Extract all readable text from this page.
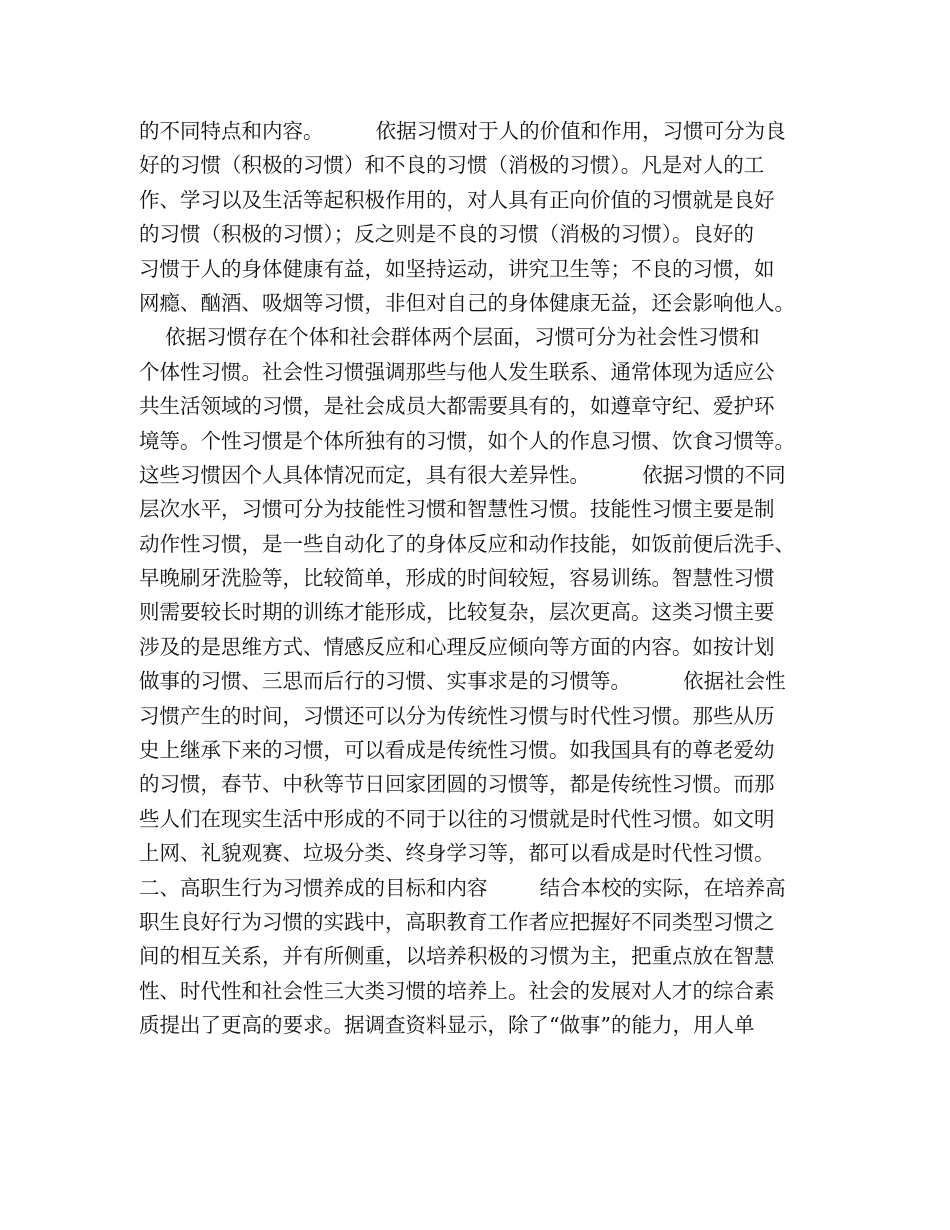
的不同特点和内容。        依据习惯对于人的价值和作用，习惯可分为良
好的习惯（积极的习惯）和不良的习惯（消极的习惯）。凡是对人的工
作、学习以及生活等起积极作用的，对人具有正向价值的习惯就是良好
的习惯（积极的习惯）；反之则是不良的习惯（消极的习惯）。良好的
习惯于人的身体健康有益，如坚持运动，讲究卫生等；不良的习惯，如
网瘾、酗酒、吸烟等习惯，非但对自己的身体健康无益，还会影响他人。
依据习惯存在个体和社会群体两个层面，习惯可分为社会性习惯和
个体性习惯。社会性习惯强调那些与他人发生联系、通常体现为适应公
共生活领域的习惯，是社会成员大都需要具有的，如遵章守纪、爱护环
境等。个性习惯是个体所独有的习惯，如个人的作息习惯、饮食习惯等。
这些习惯因个人具体情况而定，具有很大差异性。        依据习惯的不同
层次水平，习惯可分为技能性习惯和智慧性习惯。技能性习惯主要是制
动作性习惯，是一些自动化了的身体反应和动作技能，如饭前便后洗手、
早晚刷牙洗脸等，比较简单，形成的时间较短，容易训练。智慧性习惯
则需要较长时期的训练才能形成，比较复杂，层次更高。这类习惯主要
涉及的是思维方式、情感反应和心理反应倾向等方面的内容。如按计划
做事的习惯、三思而后行的习惯、实事求是的习惯等。        依据社会性
习惯产生的时间，习惯还可以分为传统性习惯与时代性习惯。那些从历
史上继承下来的习惯，可以看成是传统性习惯。如我国具有的尊老爱幼
的习惯，春节、中秋等节日回家团圆的习惯等，都是传统性习惯。而那
些人们在现实生活中形成的不同于以往的习惯就是时代性习惯。如文明
上网、礼貌观赛、垃圾分类、终身学习等，都可以看成是时代性习惯。
二、高职生行为习惯养成的目标和内容        结合本校的实际，在培养高
职生良好行为习惯的实践中，高职教育工作者应把握好不同类型习惯之
间的相互关系，并有所侧重，以培养积极的习惯为主，把重点放在智慧
性、时代性和社会性三大类习惯的培养上。社会的发展对人才的综合素
质提出了更高的要求。据调查资料显示，除了“做事”的能力，用人单
